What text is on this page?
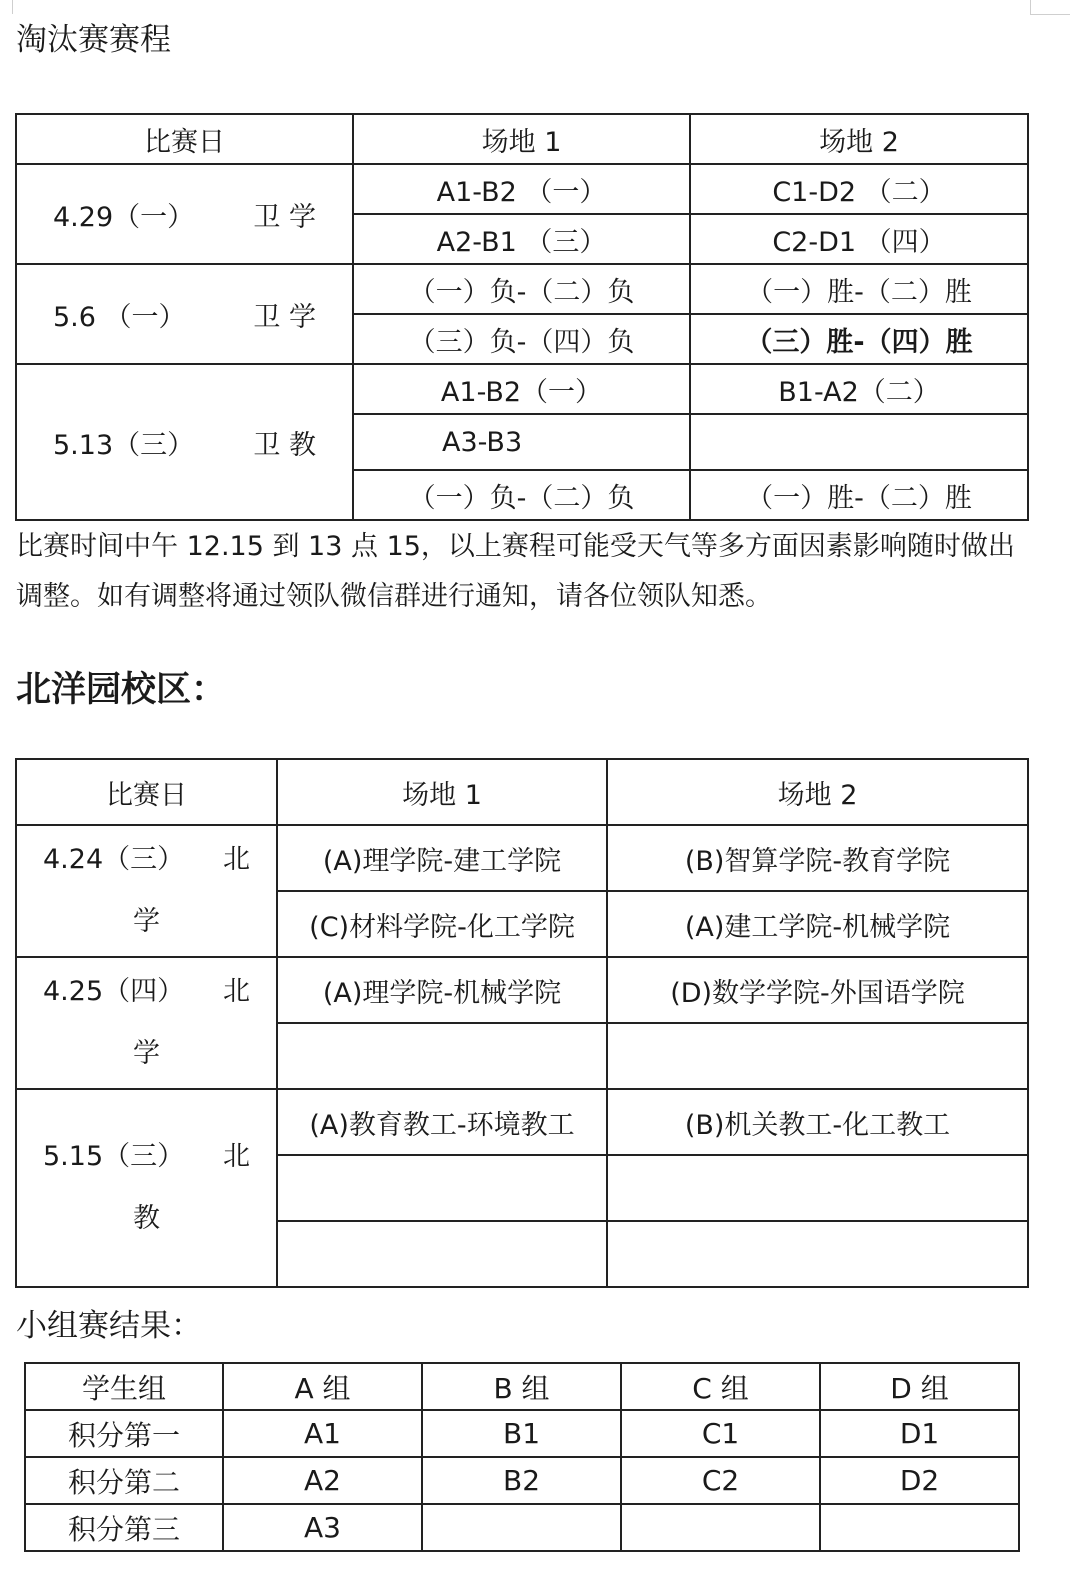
淘汰赛赛程
比赛日	场地 1	场地 2

4.29（一） 卫 学	A1-B2 （一）	C1-D2 （二）
	A2-B1 （三）	C2-D1 （四）

5.6 （一） 卫 学	（一）负-（二）负	（一）胜-（二）胜
	（三）负-（四）负	（三）胜-（四）胜

5.13（三） 卫 教	A1-B2（一）	B1-A2（二）
	A3-B3	
	（一）负-（二）负	（一）胜-（二）胜

比赛时间中午 12.15 到 13 点 15，以上赛程可能受天气等多方面因素影响随时做出调整。如有调整将通过领队微信群进行通知，请各位领队知悉。

北洋园校区：
比赛日	场地 1	场地 2

4.24（三） 北
学	(A)理学院-建工学院	(B)智算学院-教育学院
	(C)材料学院-化工学院	(A)建工学院-机械学院

4.25（四） 北
学	(A)理学院-机械学院	(D)数学学院-外国语学院

5.15（三） 北
教	(A)教育教工-环境教工	(B)机关教工-化工教工

小组赛结果：
学生组	A 组	B 组	C 组	D 组
积分第一	A1	B1	C1	D1
积分第二	A2	B2	C2	D2
积分第三	A3			
